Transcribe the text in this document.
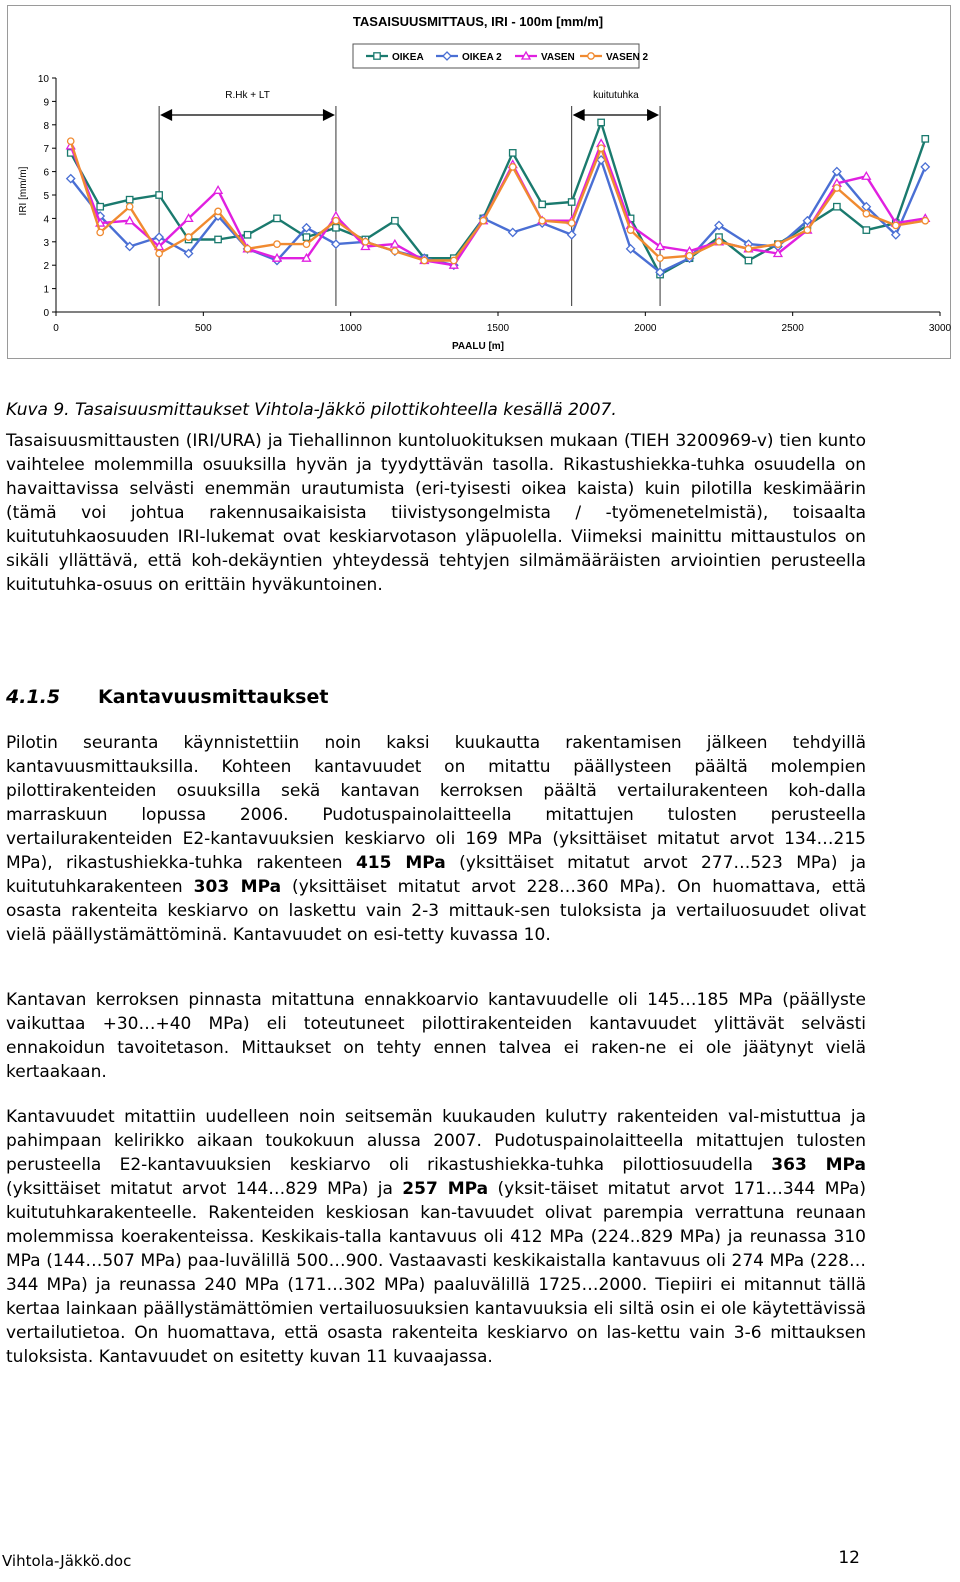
TASAISUUSMITTAUS, IRI - 100m [mm/m]
PAALU [m]
IRI [mm/m]
0
1
2
3
4
5
6
7
8
9
10
0	500	1000	1500	2000	2500	3000
R.Hk + LT	kuitutuhka
OIKEA	OIKEA 2	VASEN	VASEN 2
Kuva 9. Tasaisuusmittaukset Vihtola-Jäkkö pilottikohteella kesällä 2007.

Tasaisuusmittausten (IRI/URA) ja Tiehallinnon kuntoluokituksen mukaan (TIEH 3200969-v) tien kunto vaihtelee molemmilla osuuksilla hyvän ja tyydyttävän tasolla. Rikastushiekka-tuhka osuudella on havaittavissa selvästi enemmän urautumista (eri-tyisesti oikea kaista) kuin pilotilla keskimäärin (tämä voi johtua rakennusaikaisista tiivistysongelmista / -työmenetelmistä), toisaalta kuitutuhkaosuuden IRI-lukemat ovat keskiarvotason yläpuolella. Viimeksi mainittu mittaustulos on sikäli yllättävä, että koh-dekäyntien yhteydessä tehtyjen silmämääräisten arviointien perusteella kuitutuhka-osuus on erittäin hyväkuntoinen.

4.1.5 Kantavuusmittaukset

Pilotin seuranta käynnistettiin noin kaksi kuukautta rakentamisen jälkeen tehdyillä kantavuusmittauksilla. Kohteen kantavuudet on mitattu päällysteen päältä molempien pilottirakenteiden osuuksilla sekä kantavan kerroksen päältä vertailurakenteen koh-dalla marraskuun lopussa 2006. Pudotuspainolaitteella mitattujen tulosten perusteella vertailurakenteiden E2-kantavuuksien keskiarvo oli 169 MPa (yksittäiset mitatut arvot 134…215 MPa), rikastushiekka-tuhka rakenteen 415 MPa (yksittäiset mitatut arvot 277…523 MPa) ja kuitutuhkarakenteen 303 MPa (yksittäiset mitatut arvot 228…360 MPa). On huomattava, että osasta rakenteita keskiarvo on laskettu vain 2-3 mittauk-sen tuloksista ja vertailuosuudet olivat vielä päällystämättöminä. Kantavuudet on esi-tetty kuvassa 10.

Kantavan kerroksen pinnasta mitattuna ennakkoarvio kantavuudelle oli 145…185 MPa (päällyste vaikuttaa +30…+40 MPa) eli toteutuneet pilottirakenteiden kantavuudet ylittävät selvästi ennakoidun tavoitetason. Mittaukset on tehty ennen talvea ei raken-ne ei ole jäätynyt vielä kertaakaan.

Kantavuudet mitattiin uudelleen noin seitsemän kuukauden kulutту rakenteiden val-mistuttua ja pahimpaan kelirikko aikaan toukokuun alussa 2007. Pudotuspainolaitteella mitattujen tulosten perusteella E2-kantavuuksien keskiarvo oli rikastushiekka-tuhka pilottiosuudella 363 MPa (yksittäiset mitatut arvot 144…829 MPa) ja 257 MPa (yksit-täiset mitatut arvot 171…344 MPa) kuitutuhkarakenteelle. Rakenteiden keskiosan kan-tavuudet olivat parempia verrattuna reunaan molemmissa koerakenteissa. Keskikais-talla kantavuus oli 412 MPa (224..829 MPa) ja reunassa 310 MPa (144…507 MPa) paa-luvälillä 500…900. Vastaavasti keskikaistalla kantavuus oli 274 MPa (228…344 MPa) ja reunassa 240 MPa (171…302 MPa) paaluvälillä 1725…2000. Tiepiiri ei mitannut tällä kertaa lainkaan päällystämättömien vertailuosuuksien kantavuuksia eli siltä osin ei ole käytettävissä vertailutietoa. On huomattava, että osasta rakenteita keskiarvo on las-kettu vain 3-6 mittauksen tuloksista. Kantavuudet on esitetty kuvan 11 kuvaajassa.

Vihtola-Jäkkö.doc	12
